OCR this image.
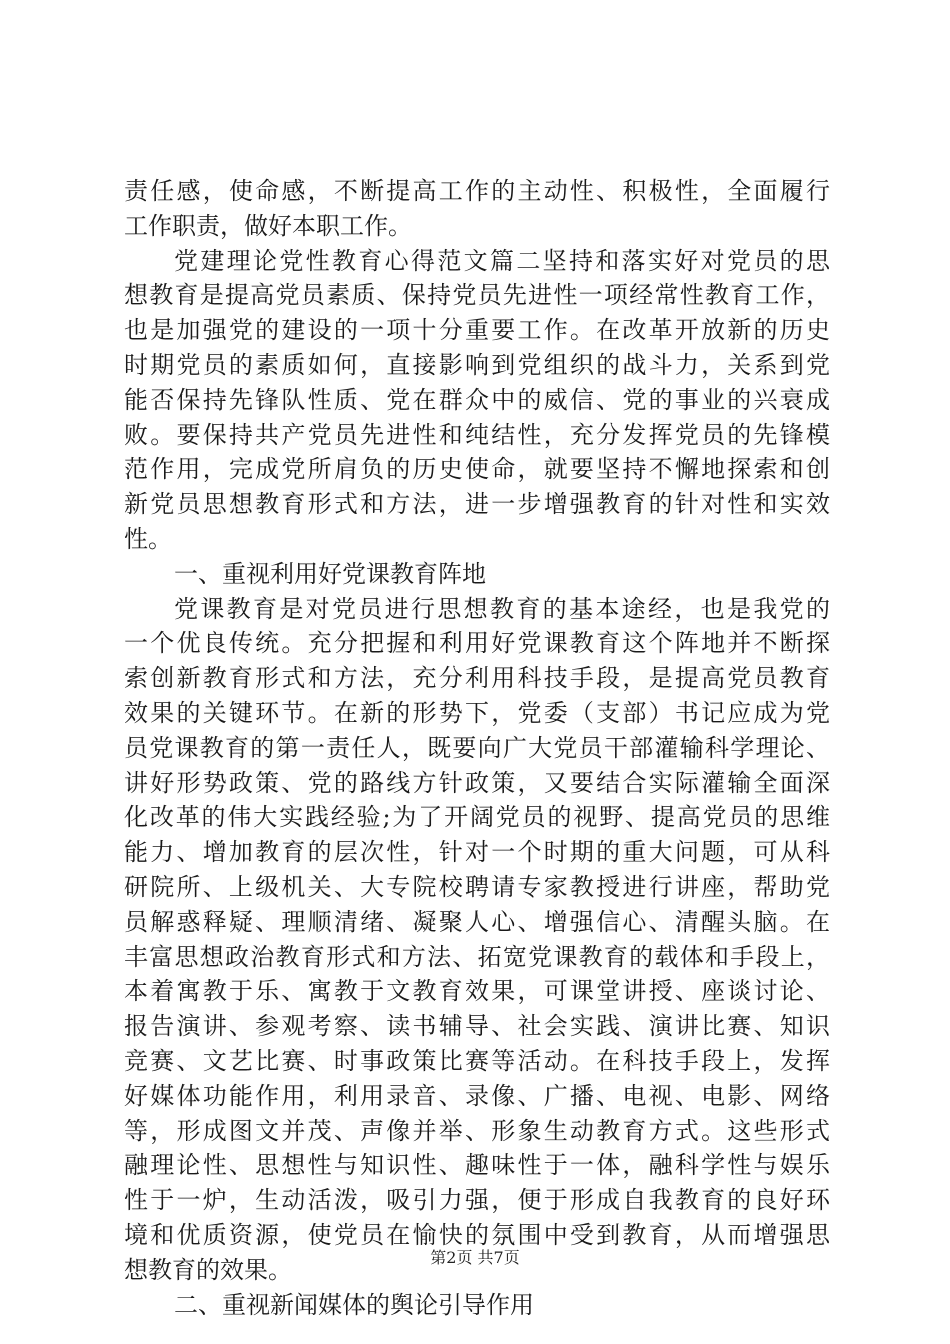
责任感，使命感，不断提高工作的主动性、积极性，全面履行
工作职责，做好本职工作。
党建理论党性教育心得范文篇二坚持和落实好对党员的思
想教育是提高党员素质、保持党员先进性一项经常性教育工作，
也是加强党的建设的一项十分重要工作。在改革开放新的历史
时期党员的素质如何，直接影响到党组织的战斗力，关系到党
能否保持先锋队性质、党在群众中的威信、党的事业的兴衰成
败。要保持共产党员先进性和纯结性，充分发挥党员的先锋模
范作用，完成党所肩负的历史使命，就要坚持不懈地探索和创
新党员思想教育形式和方法，进一步增强教育的针对性和实效
性。
一、重视利用好党课教育阵地
党课教育是对党员进行思想教育的基本途经，也是我党的
一个优良传统。充分把握和利用好党课教育这个阵地并不断探
索创新教育形式和方法，充分利用科技手段，是提高党员教育
效果的关键环节。在新的形势下，党委（支部）书记应成为党
员党课教育的第一责任人，既要向广大党员干部灌输科学理论、
讲好形势政策、党的路线方针政策，又要结合实际灌输全面深
化改革的伟大实践经验;为了开阔党员的视野、提高党员的思维
能力、增加教育的层次性，针对一个时期的重大问题，可从科
研院所、上级机关、大专院校聘请专家教授进行讲座，帮助党
员解惑释疑、理顺清绪、凝聚人心、增强信心、清醒头脑。在
丰富思想政治教育形式和方法、拓宽党课教育的载体和手段上，
本着寓教于乐、寓教于文教育效果，可课堂讲授、座谈讨论、
报告演讲、参观考察、读书辅导、社会实践、演讲比赛、知识
竞赛、文艺比赛、时事政策比赛等活动。在科技手段上，发挥
好媒体功能作用，利用录音、录像、广播、电视、电影、网络
等，形成图文并茂、声像并举、形象生动教育方式。这些形式
融理论性、思想性与知识性、趣味性于一体，融科学性与娱乐
性于一炉，生动活泼，吸引力强，便于形成自我教育的良好环
境和优质资源，使党员在愉快的氛围中受到教育，从而增强思
想教育的效果。
二、重视新闻媒体的舆论引导作用
第2页 共7页
